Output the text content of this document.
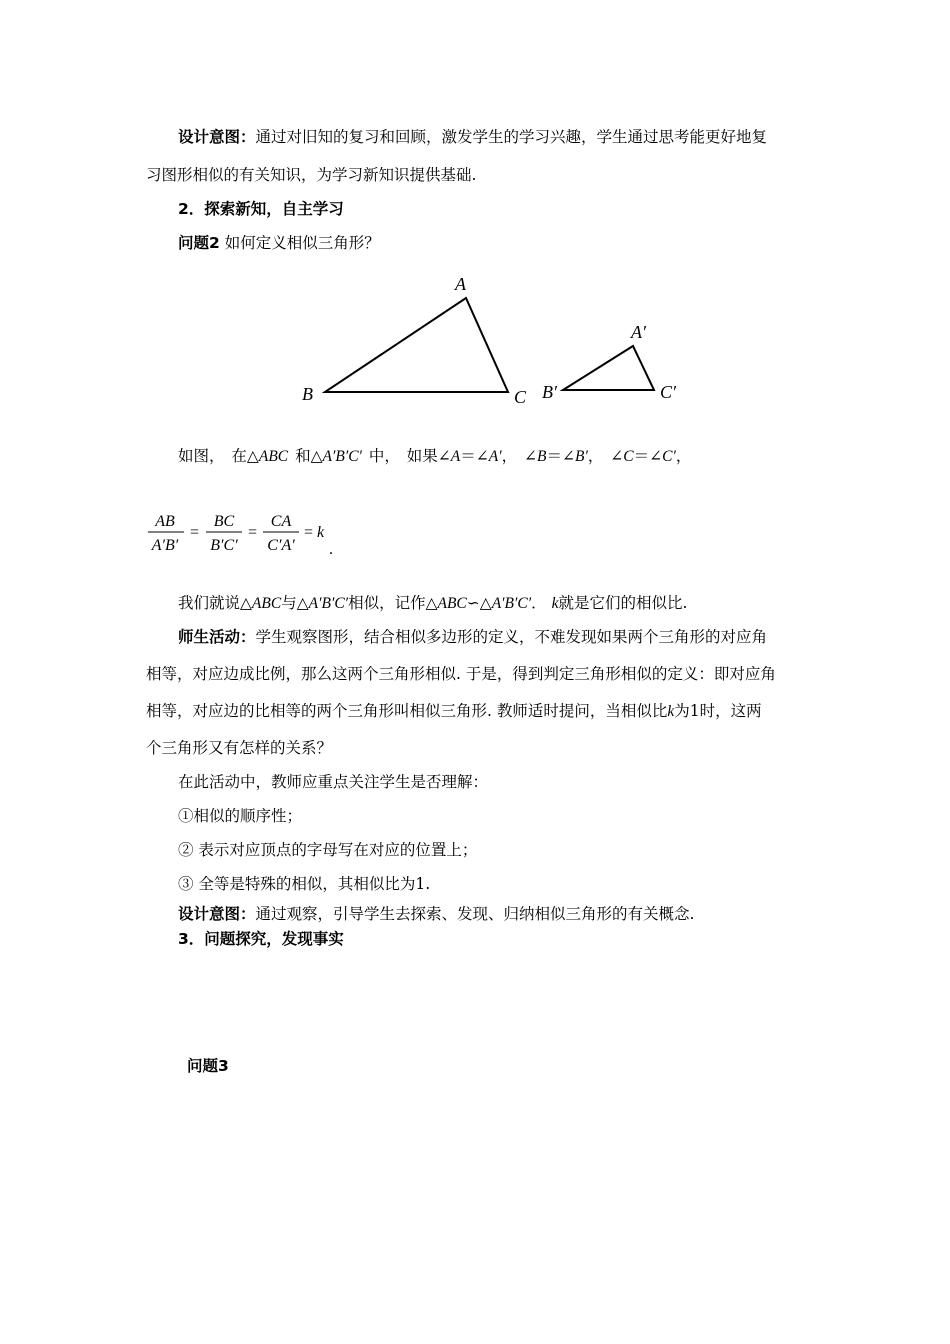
设计意图：通过对旧知的复习和回顾，激发学生的学习兴趣，学生通过思考能更好地复
习图形相似的有关知识，为学习新知识提供基础.
2．探索新知，自主学习
问题2 如何定义相似三角形？
A
B	C
A′
B′	C′
如图， 在△ABC 和△A′B′C′ 中， 如果∠A＝∠A′， ∠B＝∠B′， ∠C＝∠C′，
AB
A′B′
=
BC
B′C′
=
CA
C′A′
= k
.
我们就说△ABC与△A′B′C′相似，记作△ABC∽△A′B′C′． k就是它们的相似比.
师生活动：学生观察图形，结合相似多边形的定义，不难发现如果两个三角形的对应角
相等，对应边成比例，那么这两个三角形相似. 于是，得到判定三角形相似的定义：即对应角
相等，对应边的比相等的两个三角形叫相似三角形. 教师适时提问，当相似比k为1时，这两
个三角形又有怎样的关系？
在此活动中，教师应重点关注学生是否理解：
①相似的顺序性；
② 表示对应顶点的字母写在对应的位置上；
③ 全等是特殊的相似，其相似比为1.
设计意图：通过观察，引导学生去探索、发现、归纳相似三角形的有关概念.
3．问题探究，发现事实
问题3
